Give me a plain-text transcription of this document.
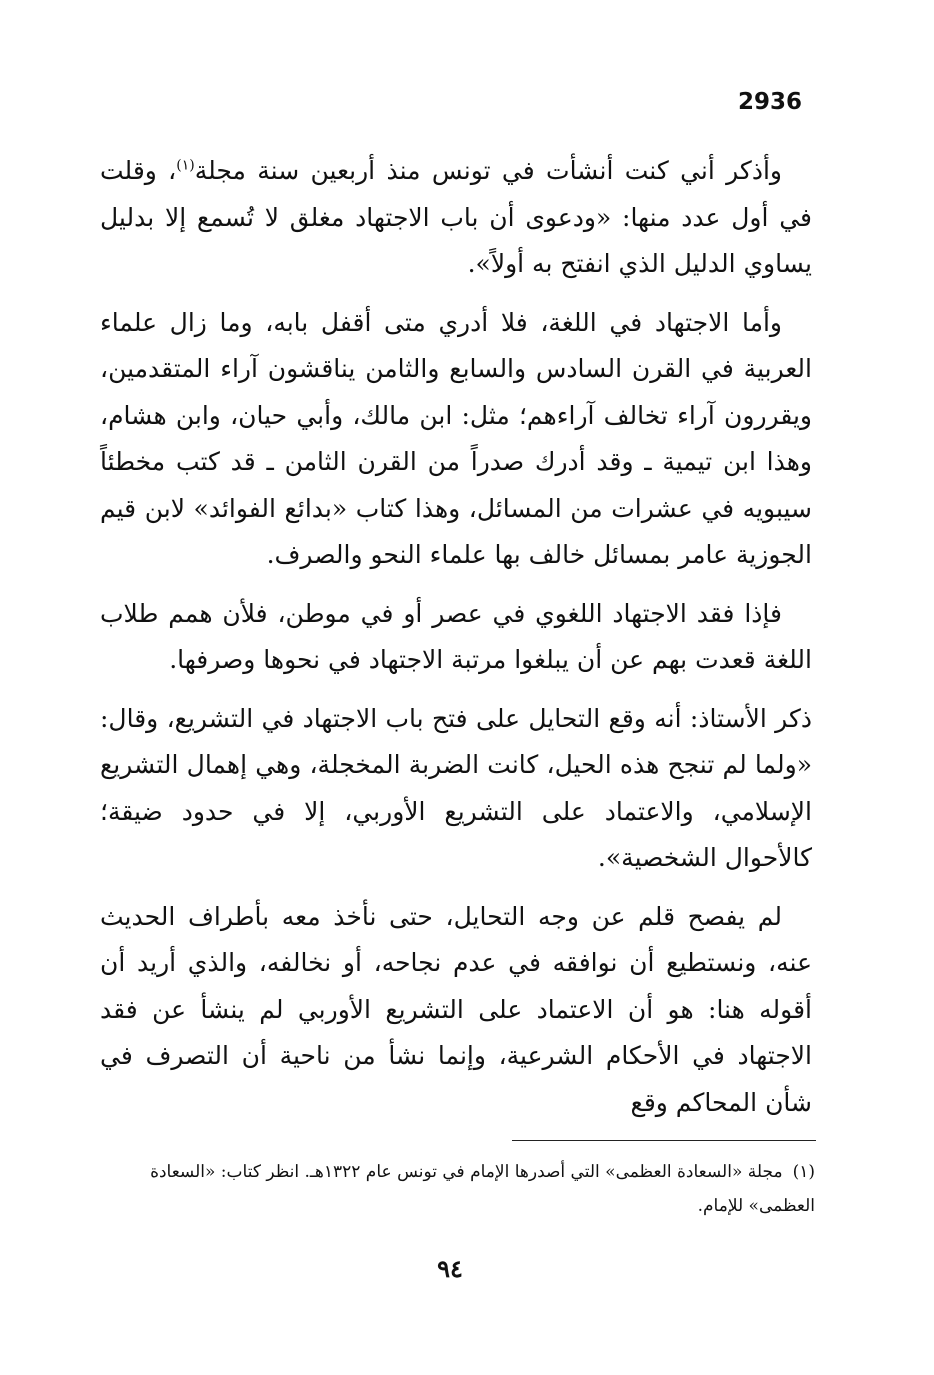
2936

وأذكر أني كنت أنشأت في تونس منذ أربعين سنة مجلة$^{(١)}$، وقلت في أول عدد منها: «ودعوى أن باب الاجتهاد مغلق لا تُسمع إلا بدليل يساوي الدليل الذي انفتح به أولاً».

وأما الاجتهاد في اللغة، فلا أدري متى أقفل بابه، وما زال علماء العربية في القرن السادس والسابع والثامن يناقشون آراء المتقدمين، ويقررون آراء تخالف آراءهم؛ مثل: ابن مالك، وأبي حيان، وابن هشام، وهذا ابن تيمية ـ وقد أدرك صدراً من القرن الثامن ـ قد كتب مخطئاً سيبويه في عشرات من المسائل، وهذا كتاب «بدائع الفوائد» لابن قيم الجوزية عامر بمسائل خالف بها علماء النحو والصرف.

فإذا فقد الاجتهاد اللغوي في عصر أو في موطن، فلأن همم طلاب اللغة قعدت بهم عن أن يبلغوا مرتبة الاجتهاد في نحوها وصرفها.

ذكر الأستاذ: أنه وقع التحايل على فتح باب الاجتهاد في التشريع، وقال: «ولما لم تنجح هذه الحيل، كانت الضربة المخجلة، وهي إهمال التشريع الإسلامي، والاعتماد على التشريع الأوربي، إلا في حدود ضيقة؛ كالأحوال الشخصية».

لم يفصح قلم عن وجه التحايل، حتى نأخذ معه بأطراف الحديث عنه، ونستطيع أن نوافقه في عدم نجاحه، أو نخالفه، والذي أريد أن أقوله هنا: هو أن الاعتماد على التشريع الأوربي لم ينشأ عن فقد الاجتهاد في الأحكام الشرعية، وإنما نشأ من ناحية أن التصرف في شأن المحاكم وقع

(١)مجلة «السعادة العظمى» التي أصدرها الإمام في تونس عام ١٣٢٢هـ. انظر كتاب: «السعادة العظمى» للإمام.
٩٤
